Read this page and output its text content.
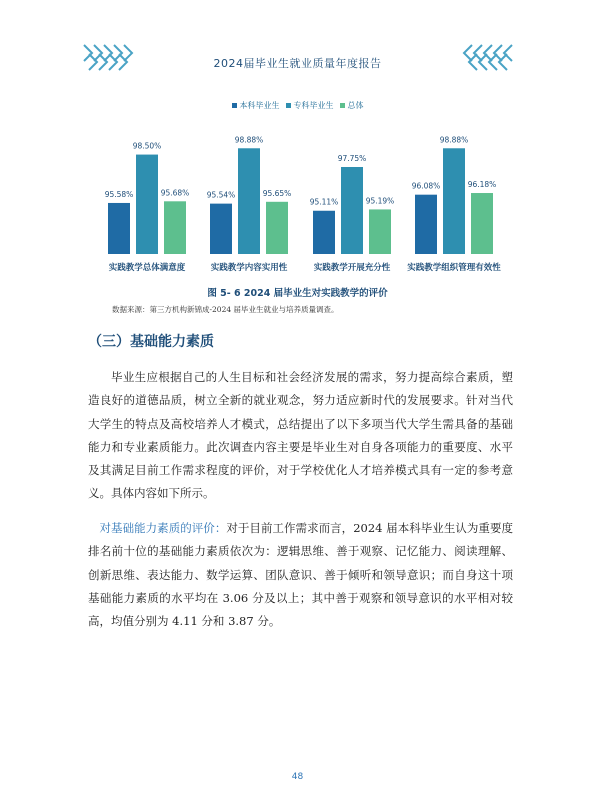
2024届毕业生就业质量年度报告
本科毕业生 专科毕业生 总体
95.58%
98.50%
95.68%
实践教学总体满意度
95.54%
98.88%
95.65%
实践教学内容实用性
95.11%
97.75%
95.19%
实践教学开展充分性
96.08%
98.88%
96.18%
实践教学组织管理有效性
图 5- 6 2024 届毕业生对实践教学的评价
数据来源：第三方机构新锦成-2024 届毕业生就业与培养质量调查。
（三）基础能力素质

毕业生应根据自己的人生目标和社会经济发展的需求，努力提高综合素质，塑造良好的道德品质，树立全新的就业观念，努力适应新时代的发展要求。针对当代大学生的特点及高校培养人才模式，总结提出了以下多项当代大学生需具备的基础能力和专业素质能力。此次调查内容主要是毕业生对自身各项能力的重要度、水平及其满足目前工作需求程度的评价，对于学校优化人才培养模式具有一定的参考意义。具体内容如下所示。

对基础能力素质的评价：对于目前工作需求而言，2024 届本科毕业生认为重要度排名前十位的基础能力素质依次为：逻辑思维、善于观察、记忆能力、阅读理解、创新思维、表达能力、数学运算、团队意识、善于倾听和领导意识；而自身这十项基础能力素质的水平均在 3.06 分及以上；其中善于观察和领导意识的水平相对较高，均值分别为 4.11 分和 3.87 分。

48
